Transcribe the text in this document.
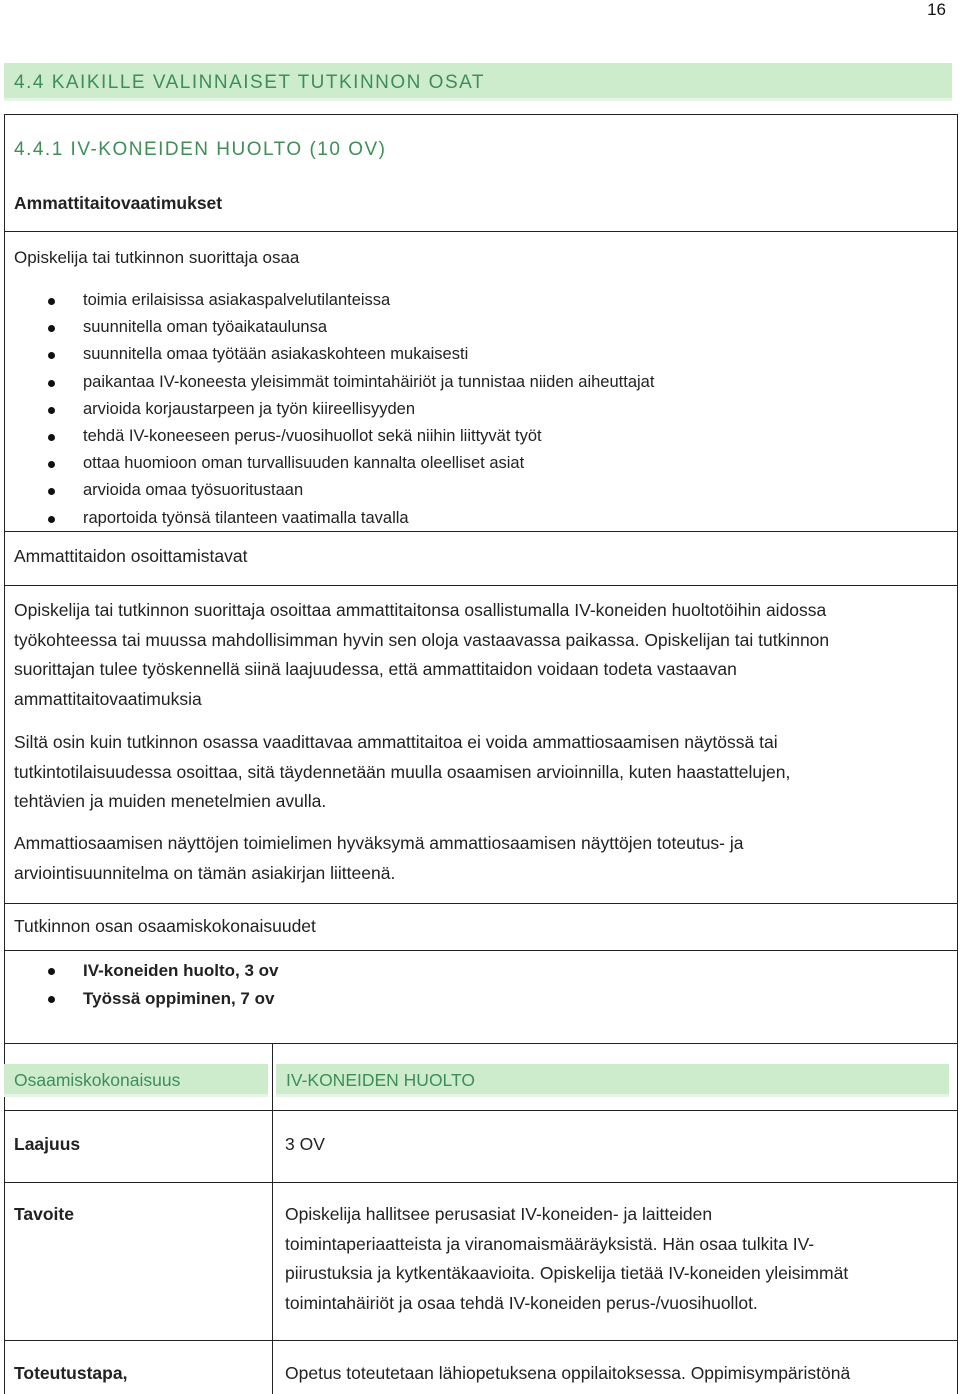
16
4.4 KAIKILLE VALINNAISET TUTKINNON OSAT
4.4.1 IV-KONEIDEN HUOLTO (10 OV)
Ammattitaitovaatimukset
Opiskelija tai tutkinnon suorittaja osaa
toimia erilaisissa asiakaspalvelutilanteissa
suunnitella oman työaikataulunsa
suunnitella omaa työtään asiakaskohteen mukaisesti
paikantaa IV-koneesta yleisimmät toimintahäiriöt ja tunnistaa niiden aiheuttajat
arvioida korjaustarpeen ja työn kiireellisyyden
tehdä IV-koneeseen perus-/vuosihuollot sekä niihin liittyvät työt
ottaa huomioon oman turvallisuuden kannalta oleelliset asiat
arvioida omaa työsuoritustaan
raportoida työnsä tilanteen vaatimalla tavalla
Ammattitaidon osoittamistavat
Opiskelija tai tutkinnon suorittaja osoittaa ammattitaitonsa osallistumalla IV-koneiden huoltotöihin aidossa
työkohteessa tai muussa mahdollisimman hyvin sen oloja vastaavassa paikassa. Opiskelijan tai tutkinnon
suorittajan tulee työskennellä siinä laajuudessa, että ammattitaidon voidaan todeta vastaavan
ammattitaitovaatimuksia
Siltä osin kuin tutkinnon osassa vaadittavaa ammattitaitoa ei voida ammattiosaamisen näytössä tai
tutkintotilaisuudessa osoittaa, sitä täydennetään muulla osaamisen arvioinnilla, kuten haastattelujen,
tehtävien ja muiden menetelmien avulla.
Ammattiosaamisen näyttöjen toimielimen hyväksymä ammattiosaamisen näyttöjen toteutus- ja
arviointisuunnitelma on tämän asiakirjan liitteenä.
Tutkinnon osan osaamiskokonaisuudet
IV-koneiden huolto, 3 ov
Työssä oppiminen, 7 ov
Osaamiskokonaisuus	IV-KONEIDEN HUOLTO
Laajuus	3 OV
Tavoite	Opiskelija hallitsee perusasiat IV-koneiden- ja laitteiden
toimintaperiaatteista ja viranomaismääräyksistä. Hän osaa tulkita IV-
piirustuksia ja kytkentäkaavioita. Opiskelija tietää IV-koneiden yleisimmät
toimintahäiriöt ja osaa tehdä IV-koneiden perus-/vuosihuollot.
Toteutustapa,	Opetus toteutetaan lähiopetuksena oppilaitoksessa. Oppimisympäristönä
